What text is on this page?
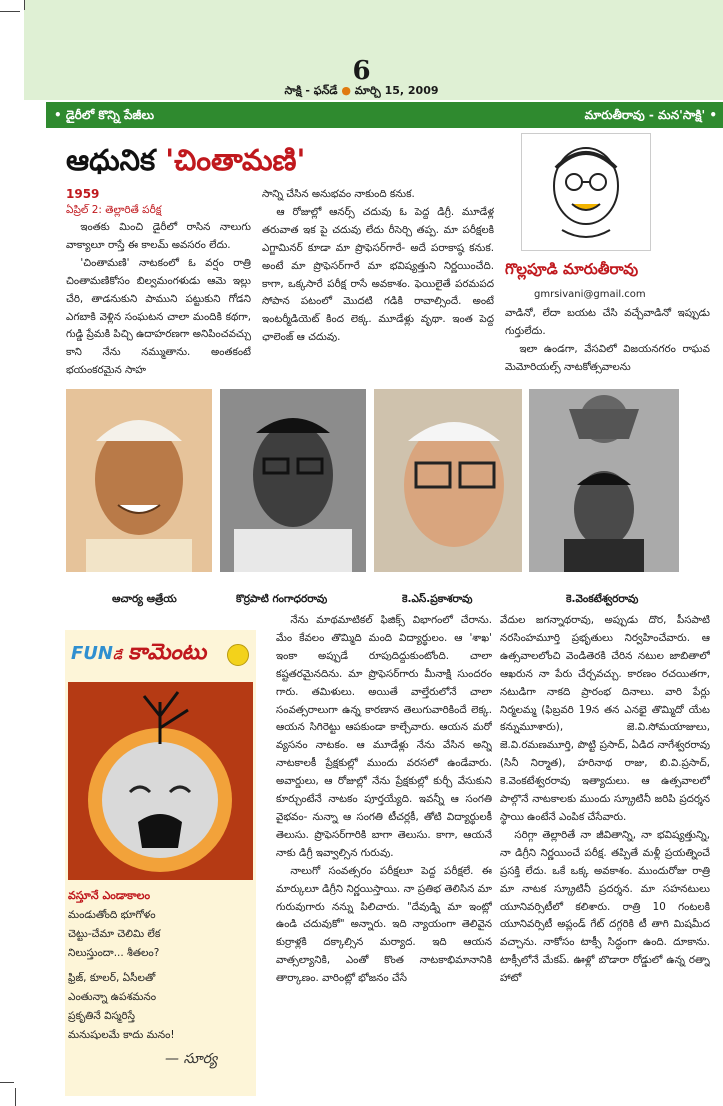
6
సాక్షి - ఫన్‌డే ● మార్చి 15, 2009
• డైరీలో కొన్ని పేజీలు	మారుతీరావు - మన'సాక్షి' •
ఆధునిక 'చింతామణి'
గొల్లపూడి మారుతీరావు
gmrsivani@gmail.com
1959
ఏప్రిల్ 2: తెల్లారితే పరీక్ష

ఇంతకు మించి డైరీలో రాసిన నాలుగు వాక్యాలూ రాస్తే ఈ కాలమ్ అవసరం లేదు.

'చింతామణి' నాటకంలో ఓ వర్షం రాత్రి చింతామణికోసం బిల్వమంగళుడు ఆమె ఇల్లు చేరి, తాడనుకుని పాముని పట్టుకుని గోడని ఎగబాకి వెళ్లిన సంఘటన చాలా మందికి కథగా, గుడ్డి ప్రేమకి పిచ్చి ఉదాహరణగా అనిపించవచ్చు కాని నేను నమ్ముతాను. అంతకంటే భయంకరమైన సాహ

సాన్ని చేసిన అనుభవం నాకుంది కనుక.

ఆ రోజుల్లో ఆనర్స్ చదువు ఓ పెద్ద డిగ్రీ. మూడేళ్ల తరువాత ఇక పై చదువు లేదు రీసెర్చి తప్ప. మా పరీక్షలకి ఎగ్జామినర్ కూడా మా ప్రొఫెసర్‌గారే- అదే పరాకాష్ఠ కనుక. అంటే మా ప్రొఫెసర్‌గారే మా భవిష్యత్తుని నిర్ణయించేది. కాగా, ఒక్కసారే పరీక్ష రాసే అవకాశం. ఫెయిలైతే పరమపద సోపాన పటంలో మొదటి గడికి రావాల్సిందే. అంటే ఇంటర్మీడియెట్ కింద లెక్క. మూడేళ్లు వృథా. ఇంత పెద్ద ఛాలెంజ్ ఆ చదువు.

వాడినో, లేదా బయట చేసి వచ్చేవాడినో ఇప్పుడు గుర్తులేదు.

ఇలా ఉండగా, వేసవిలో విజయనగరం రాఘవ మెమోరియల్స్ నాటకోత్సవాలను

ఆచార్య ఆత్రేయ	కొర్రపాటి గంగాధరరావు	కె.ఎస్.ప్రకాశరావు	కె.వెంకటేశ్వరరావు
FUNడే కామెంటు
వస్తూనే ఎండాకాలం
మండుతోంది భూగోళం
చెట్టు-చేమా చెలిమి లేక
నిలుస్తుందా... శీతలం?
ఫ్రిజ్, కూలర్, ఏసీలతో
ఎంతున్నా ఉపశమనం
ప్రకృతినే విస్మరిస్తే
మనుషులమే కాదు మనం!
— సూర్య

నేను మాథమాటికల్ ఫిజిక్స్ విభాగంలో చేరాను. మేం కేవలం తొమ్మిది మంది విద్యార్థులం. ఆ 'శాఖ' ఇంకా అప్పుడే రూపుదిద్దుకుంటోంది. చాలా కష్టతరమైనదిను. మా ప్రొఫెసర్‌గారు మీనాక్షి సుందరం గారు. తమిళులు. అయితే వాల్తేరులోనే చాలా సంవత్సరాలుగా ఉన్న కారణాన తెలుగువారికిందే లెక్క. ఆయన సిగిరెట్టు ఆపకుండా కాల్చేవారు. ఆయన మరో వ్యసనం నాటకం. ఆ మూడేళ్లు నేను వేసిన అన్ని నాటకాలకీ ప్రేక్షకుల్లో ముందు వరసలో ఉండేవారు. అవార్డులు, ఆ రోజుల్లో నేను ప్రేక్షకుల్లో కుర్చీ వేసుకుని కూర్చుంటేనే నాటకం పూర్తయ్యేది. ఇవన్నీ ఆ సంగతి వైభవం- నున్నా ఆ సంగతి టీచర్లకీ, తోటి విద్యార్థులకీ తెలుసు. ప్రొఫెసర్‌గారికి బాగా తెలుసు. కాగా, ఆయనే నాకు డిగ్రీ ఇవ్వాల్సిన గురువు.

నాలుగో సంవత్సరం పరీక్షలూ పెద్ద పరీక్షలే. ఈ మార్కులూ డిగ్రీని నిర్ణయిస్తాయి. నా ప్రతిభ తెలిసిన మా గురువుగారు నన్ను పిలిచారు. "దేవుడ్ని మా ఇంట్లో ఉండి చదువుకో" అన్నారు. ఇది న్యాయంగా తెలివైన కుర్రాళ్లకి దక్కాల్సిన మర్యాద. ఇది ఆయన వాత్సల్యానికి, ఎంతో కొంత నాటకాభిమానానికి తార్కాణం. వారింట్లో భోజనం చేసే

వేదుల జగన్నాథరావు, అప్పుడు దొర, పీసపాటి నరసింహమూర్తి ప్రభృతులు నిర్వహించేవారు. ఆ ఉత్సవాలలోంచి వెండితెరకి చేరిన నటుల జాబితాలో ఆఖరున నా పేరు చేర్చవచ్చు. కారణం రచయితగా, నటుడిగా నాకది ప్రారంభ దినాలు. వారి పేర్లు నిర్మలమ్మ (ఫిబ్రవరి 19న తన ఎనభై తొమ్మిదో యేట కన్నుమూశారు), జె.వి.సోమయాజులు, జె.వి.రమణమూర్తి, పొట్టి ప్రసాద్, ఏడిద నాగేశ్వరరావు (సినీ నిర్మాత), హరినాథ రాజు, బి.వి.ప్రసాద్, కె.వెంకటేశ్వరరావు ఇత్యాదులు. ఆ ఉత్సవాలలో పాల్గొనే నాటకాలకు ముందు స్క్రూటినీ జరిపి ప్రదర్శన స్థాయి ఉంటేనే ఎంపిక చేసేవారు.

సరిగ్గా తెల్లారితే నా జీవితాన్ని, నా భవిష్యత్తున్ని, నా డిగ్రీని నిర్ణయించే పరీక్ష. తప్పితే మళ్లీ ప్రయత్నించే ప్రసక్తి లేదు. ఒకే ఒక్క అవకాశం. ముందురోజు రాత్రి మా నాటక స్క్రూటినీ ప్రదర్శన. మా సహనటులు యూనివర్సిటీలో కలిశారు. రాత్రి 10 గంటలకి యూనివర్సిటీ అప్లండ్ గేట్ దగ్గరికి టీ తాగి మిషమీద వచ్చాను. నాకోసం టాక్సీ సిద్ధంగా ఉంది. దూకాను. టాక్సీలోనే మేకప్. ఊళ్లో బొడారా రోడ్డులో ఉన్న రత్నా హాటో
